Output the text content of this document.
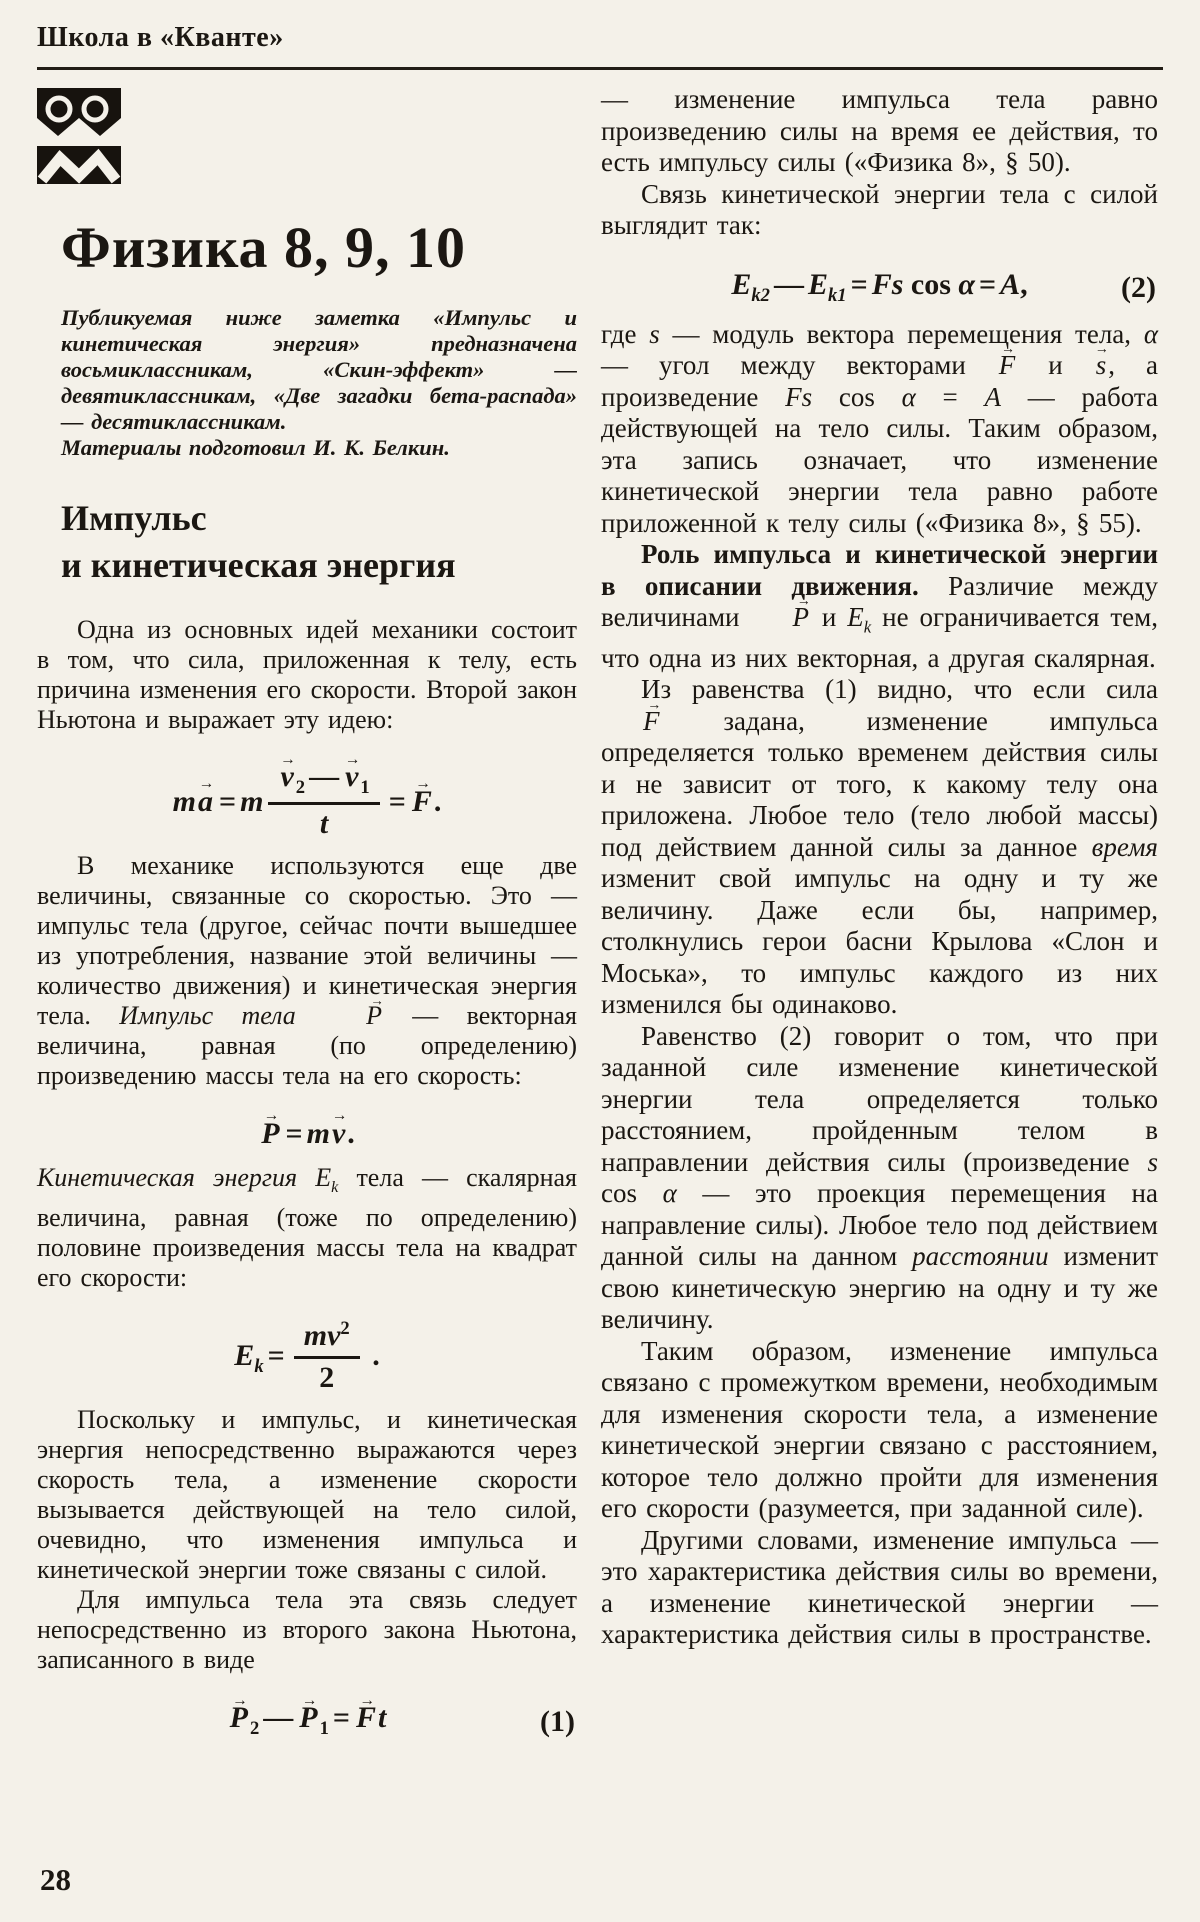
Школа в «Кванте»
Физика 8, 9, 10

Публикуемая ниже заметка «Импульс и кинетическая энергия» предназначена восьмиклассникам, «Скин-эффект» — девятиклассникам, «Две загадки бета-распада» — десятиклассникам.

Материалы подготовил И. К. Белкин.

Импульс
и кинетическая энергия

Одна из основных идей механики состоит в том, что сила, приложенная к телу, есть причина изменения его скорости. Второй закон Ньютона и выражает эту идею:

ma → = m $\frac{v \to _2 — v \to _1}{t} = F$ →.

В механике используются еще две величины, связанные со скоростью. Это — импульс тела (другое, сейчас почти вышедшее из употребления, название этой величины — количество движения) и кинетическая энергия тела. Импульс тела P → — векторная величина, равная (по определению) произведению массы тела на его скорость:

P → = mv →.

Кинетическая энергия $E_k$ тела — скалярная величина, равная (тоже по определению) половине произведения массы тела на квадрат его скорости:

$E_k = \frac{mv^2}{2}$ .

Поскольку и импульс, и кинетическая энергия непосредственно выражаются через скорость тела, а изменение скорости вызывается действующей на тело силой, очевидно, что изменения импульса и кинетической энергии тоже связаны с силой.

Для импульса тела эта связь следует непосредственно из второго закона Ньютона, записанного в виде

P → $_2$ — P → $_1$ = F →t	(1)

— изменение импульса тела равно произведению силы на время ее действия, то есть импульсу силы («Физика 8», § 50).

Связь кинетической энергии тела с силой выглядит так:

$E_{k2}$ — $E_{k1} = Fs$ cos α = A,	(2)

где s — модуль вектора перемещения тела, α — угол между векторами F → и s →, а произведение Fs cos α = A — работа действующей на тело силы. Таким образом, эта запись означает, что изменение кинетической энергии тела равно работе приложенной к телу силы («Физика 8», § 55).

Роль импульса и кинетической энергии в описании движения. Различие между величинами P → и $E_k$ не ограничивается тем, что одна из них векторная, а другая скалярная.

Из равенства (1) видно, что если сила F → задана, изменение импульса определяется только временем действия силы и не зависит от того, к какому телу она приложена. Любое тело (тело любой массы) под действием данной силы за данное время изменит свой импульс на одну и ту же величину. Даже если бы, например, столкнулись герои басни Крылова «Слон и Моська», то импульс каждого из них изменился бы одинаково.

Равенство (2) говорит о том, что при заданной силе изменение кинетической энергии тела определяется только расстоянием, пройденным телом в направлении действия силы (произведение s cos α — это проекция перемещения на направление силы). Любое тело под действием данной силы на данном расстоянии изменит свою кинетическую энергию на одну и ту же величину.

Таким образом, изменение импульса связано с промежутком времени, необходимым для изменения скорости тела, а изменение кинетической энергии связано с расстоянием, которое тело должно пройти для изменения его скорости (разумеется, при заданной силе).

Другими словами, изменение импульса — это характеристика действия силы во времени, а изменение кинетической энергии — характеристика действия силы в пространстве.

28
